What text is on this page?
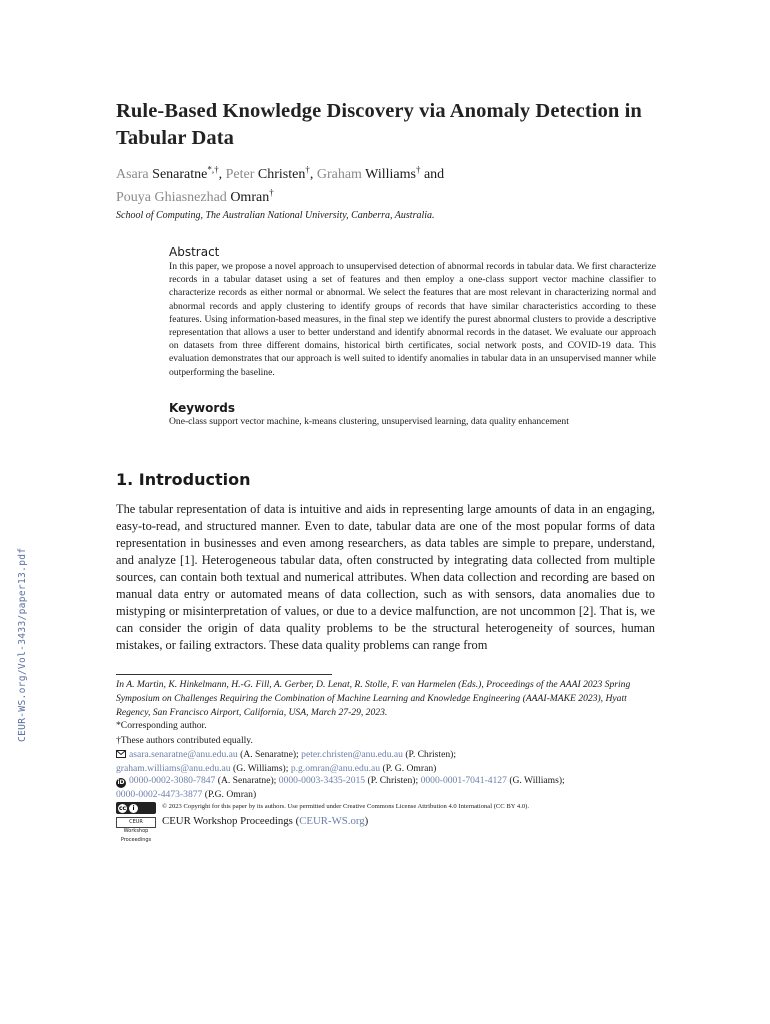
Rule-Based Knowledge Discovery via Anomaly Detection in Tabular Data
Asara Senaratne*,†, Peter Christen†, Graham Williams† and
Pouya Ghiasnezhad Omran†
School of Computing, The Australian National University, Canberra, Australia.
Abstract
In this paper, we propose a novel approach to unsupervised detection of abnormal records in tabular data. We first characterize records in a tabular dataset using a set of features and then employ a one-class support vector machine classifier to characterize records as either normal or abnormal. We select the features that are most relevant in characterizing normal and abnormal records and apply clustering to identify groups of records that have similar characteristics according to these features. Using information-based measures, in the final step we identify the purest abnormal clusters to provide a descriptive representation that allows a user to better understand and identify abnormal records in the dataset. We evaluate our approach on datasets from three different domains, historical birth certificates, social network posts, and COVID-19 data. This evaluation demonstrates that our approach is well suited to identify anomalies in tabular data in an unsupervised manner while outperforming the baseline.
Keywords
One-class support vector machine, k-means clustering, unsupervised learning, data quality enhancement
1. Introduction
The tabular representation of data is intuitive and aids in representing large amounts of data in an engaging, easy-to-read, and structured manner. Even to date, tabular data are one of the most popular forms of data representation in businesses and even among researchers, as data tables are simple to prepare, understand, and analyze [1]. Heterogeneous tabular data, often constructed by integrating data collected from multiple sources, can contain both textual and numerical attributes. When data collection and recording are based on manual data entry or automated means of data collection, such as with sensors, data anomalies due to mistyping or misinterpretation of values, or due to a device malfunction, are not uncommon [2]. That is, we can consider the origin of data quality problems to be the structural heterogeneity of sources, human mistakes, or failing extractors. These data quality problems can range from
CEUR-WS.org/Vol-3433/paper13.pdf	In A. Martin, K. Hinkelmann, H.-G. Fill, A. Gerber, D. Lenat, R. Stolle, F. van Harmelen (Eds.), Proceedings of the AAAI 2023 Spring Symposium on Challenges Requiring the Combination of Machine Learning and Knowledge Engineering (AAAI-MAKE 2023), Hyatt Regency, San Francisco Airport, California, USA, March 27-29, 2023.
*Corresponding author.
†These authors contributed equally.
asara.senaratne@anu.edu.au (A. Senaratne); peter.christen@anu.edu.au (P. Christen);
graham.williams@anu.edu.au (G. Williams); p.g.omran@anu.edu.au (P. G. Omran)
iD 0000-0002-3080-7847 (A. Senaratne); 0000-0003-3435-2015 (P. Christen); 0000-0001-7041-4127 (G. Williams);
0000-0002-4473-3877 (P.G. Omran)
cc	i	© 2023 Copyright for this paper by its authors. Use permitted under Creative Commons License Attribution 4.0 International (CC BY 4.0).
CEUR Workshop Proceedings
CEUR Workshop Proceedings (CEUR-WS.org)
